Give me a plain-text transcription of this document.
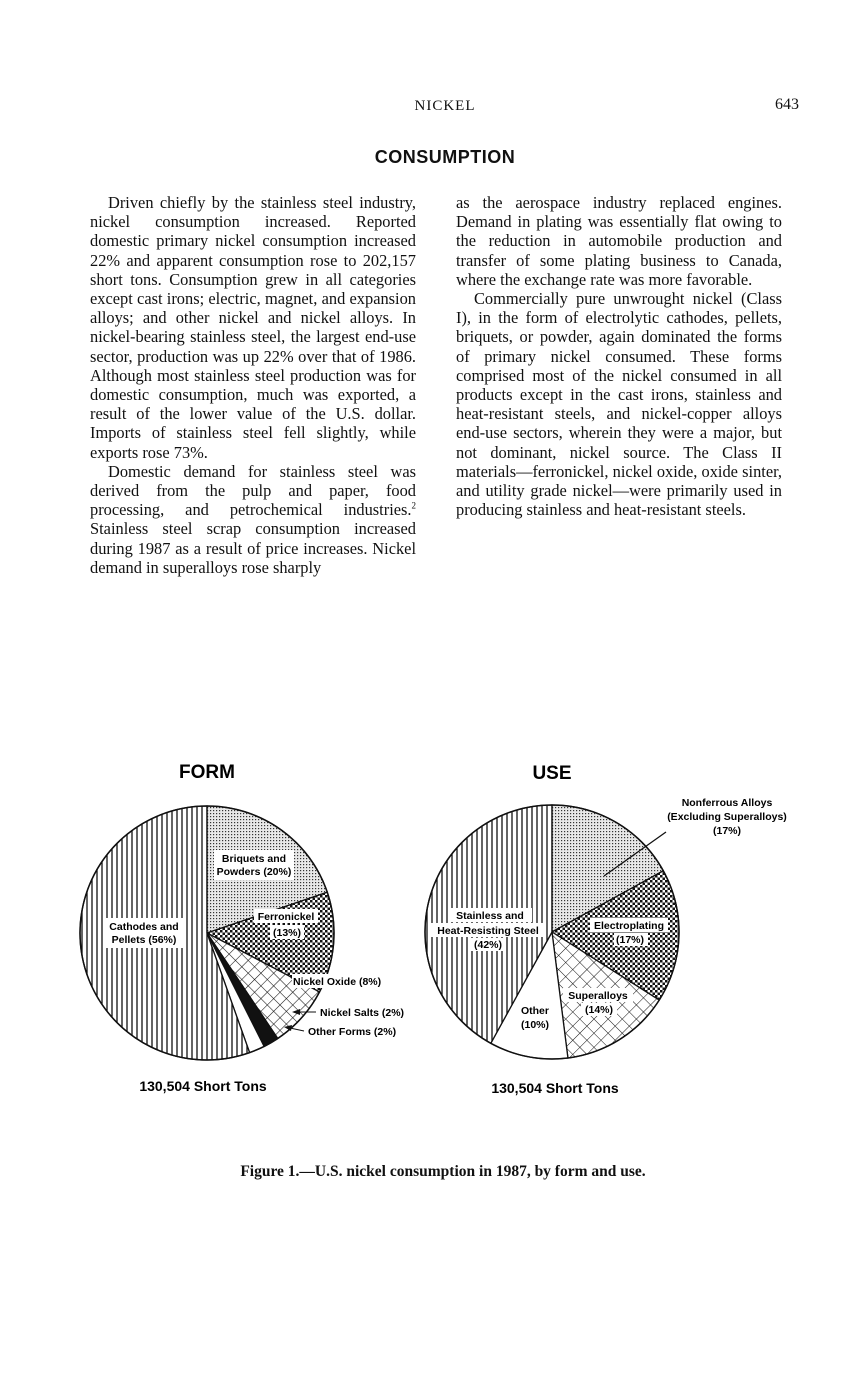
NICKEL	643
CONSUMPTION

Driven chiefly by the stainless steel industry, nickel consumption increased. Reported domestic primary nickel consumption increased 22% and apparent consumption rose to 202,157 short tons. Consumption grew in all categories except cast irons; electric, magnet, and expansion alloys; and other nickel and nickel alloys. In nickel-bearing stainless steel, the largest end-use sector, production was up 22% over that of 1986. Although most stainless steel production was for domestic consumption, much was exported, a result of the lower value of the U.S. dollar. Imports of stainless steel fell slightly, while exports rose 73%.

Domestic demand for stainless steel was derived from the pulp and paper, food processing, and petrochemical industries.$^2$ Stainless steel scrap consumption increased during 1987 as a result of price increases. Nickel demand in superalloys rose sharply

as the aerospace industry replaced engines. Demand in plating was essentially flat owing to the reduction in automobile production and transfer of some plating business to Canada, where the exchange rate was more favorable.

Commercially pure unwrought nickel (Class I), in the form of electrolytic cathodes, pellets, briquets, or powder, again dominated the forms of primary nickel consumed. These forms comprised most of the nickel consumed in all products except in the cast irons, stainless and heat-resistant steels, and nickel-copper alloys end-use sectors, wherein they were a major, but not dominant, nickel source. The Class II materials—ferronickel, nickel oxide, oxide sinter, and utility grade nickel—were primarily used in producing stainless and heat-resistant steels.

FORM
Briquets and
Powders (20%)
Ferronickel
(13%)
Nickel Oxide (8%)
Nickel Salts (2%)
Other Forms (2%)
Cathodes and
Pellets (56%)
130,504 Short Tons
USE
Nonferrous Alloys
(Excluding Superalloys)
(17%)
Electroplating
(17%)
Superalloys
(14%)
Other
(10%)
Stainless and
Heat-Resisting Steel
(42%)
130,504 Short Tons
Figure 1.—U.S. nickel consumption in 1987, by form and use.
